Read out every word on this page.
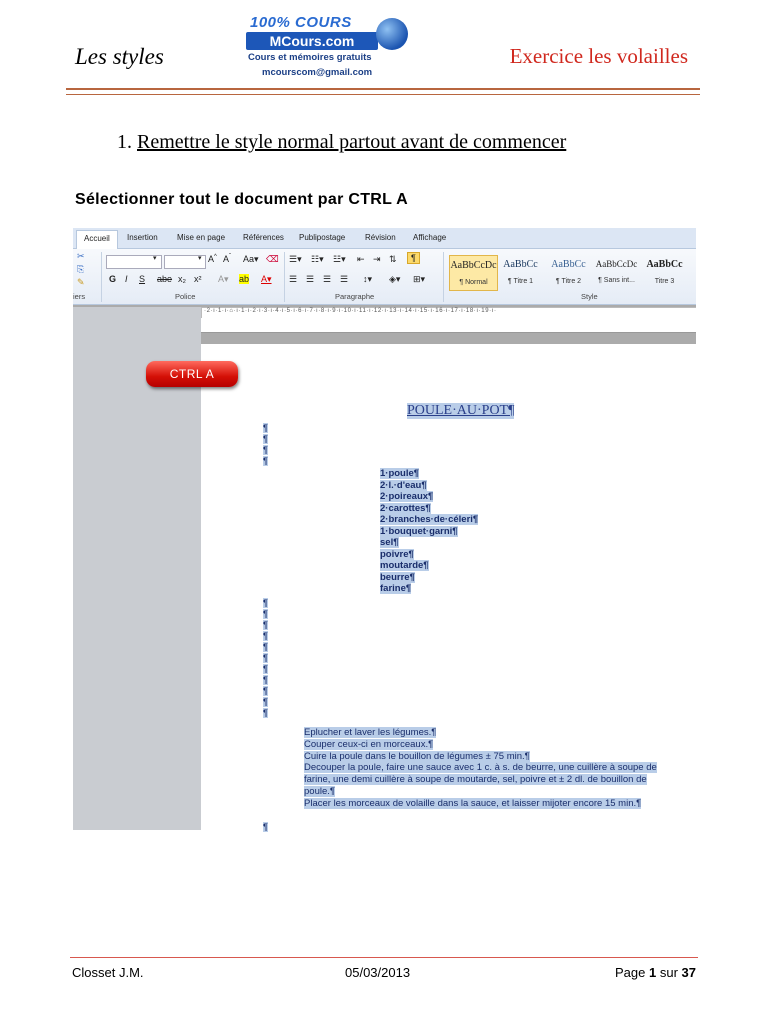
Les styles
100% COURS
MCours.com
Cours et mémoires gratuits
mcourscom@gmail.com
Exercice les volailles
1. Remettre le style normal partout avant de commencer
Sélectionner tout le document par CTRL A
Accueil	Insertion Mise en page Références Publipostage Révision Affichage
✂
⎘
✎
iers
▾	▾ A^ $A^ˇ$ Aa▾ ⌫
G I S abe x₂ x² A▾ ab A▾
Police
☰▾ ☷▾ ☳▾ ⇤ ⇥ ⇅	¶
☰ ☰ ☰ ☰ ↕▾ ◈▾ ⊞▾
Paragraphe
AaBbCcDc
¶ Normal
AaBbCc
¶ Titre 1
AaBbCc
¶ Titre 2
AaBbCcDc
¶ Sans int...
AaBbCc
Titre 3
Style
·2·ı·1·ı·⌂·ı·1·ı·2·ı·3·ı·4·ı·5·ı·6·ı·7·ı·8·ı·9·ı·10·ı·11·ı·12·ı·13·ı·14·ı·15·ı·16·ı·17·ı·18·ı·19·ı·
CTRL A
POULE·AU·POT¶
¶
¶
¶
¶
1·poule¶
2·l.·d'eau¶
2·poireaux¶
2·carottes¶
2·branches·de·céleri¶
1·bouquet·garni¶
sel¶
poivre¶
moutarde¶
beurre¶
farine¶
¶
¶
¶
¶
¶
¶
¶
¶
¶
¶
¶
Eplucher et laver les légumes.¶
Couper ceux-ci en morceaux.¶
Cuire la poule dans le bouillon de légumes ± 75 min.¶
Decouper la poule, faire une sauce avec 1 c. à s. de beurre, une cuillère à soupe de farine, une demi cuillère à soupe de moutarde, sel, poivre et ± 2 dl. de bouillon de poule.¶
Placer les morceaux de volaille dans la sauce, et laisser mijoter encore 15 min.¶
¶
Closset J.M.	05/03/2013	Page 1 sur 37
